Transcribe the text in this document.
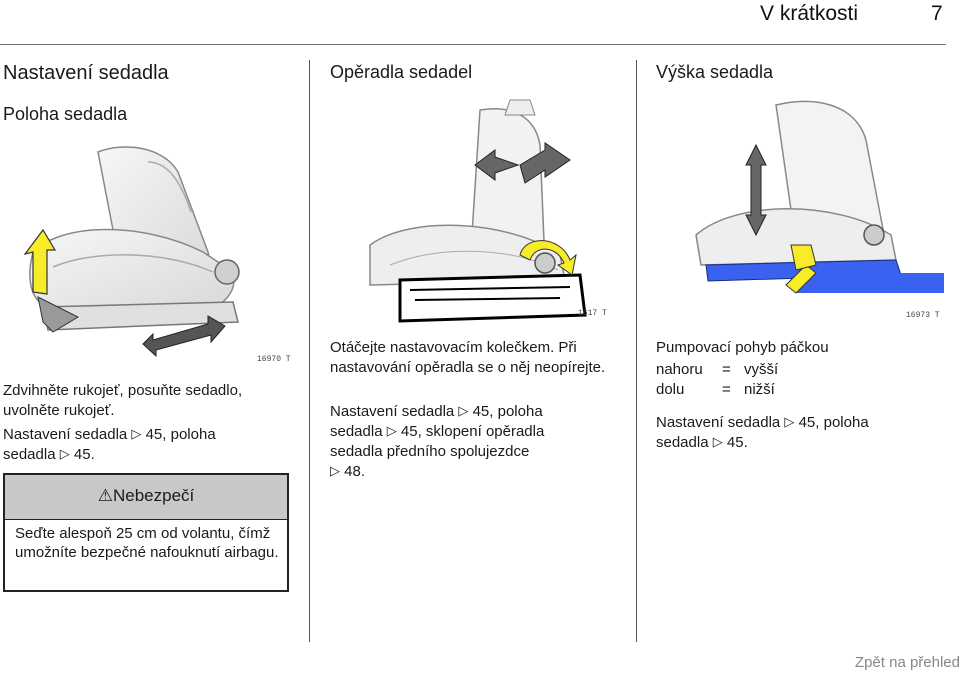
V krátkosti	7
Nastavení sedadla
Poloha sedadla
16970 T
Zdvihněte rukojeť, posuňte sedadlo, uvolněte rukojeť.
Nastavení sedadla ▷ 45, poloha
sedadla ▷ 45.
⚠Nebezpečí
Seďte alespoň 25 cm od volantu, čímž umožníte bezpečné nafouknutí airbagu.
Opěradla sedadel
1617 T
Otáčejte nastavovacím kolečkem. Při nastavování opěradla se o něj neopírejte.
Nastavení sedadla ▷ 45, poloha
sedadla ▷ 45, sklopení opěradla
sedadla předního spolujezdce
▷ 48.
Výška sedadla
16973 T
Pumpovací pohyb páčkou
nahoru = vyšší
dolu	= nižší
Nastavení sedadla ▷ 45, poloha
sedadla ▷ 45.
Zpět na přehled
